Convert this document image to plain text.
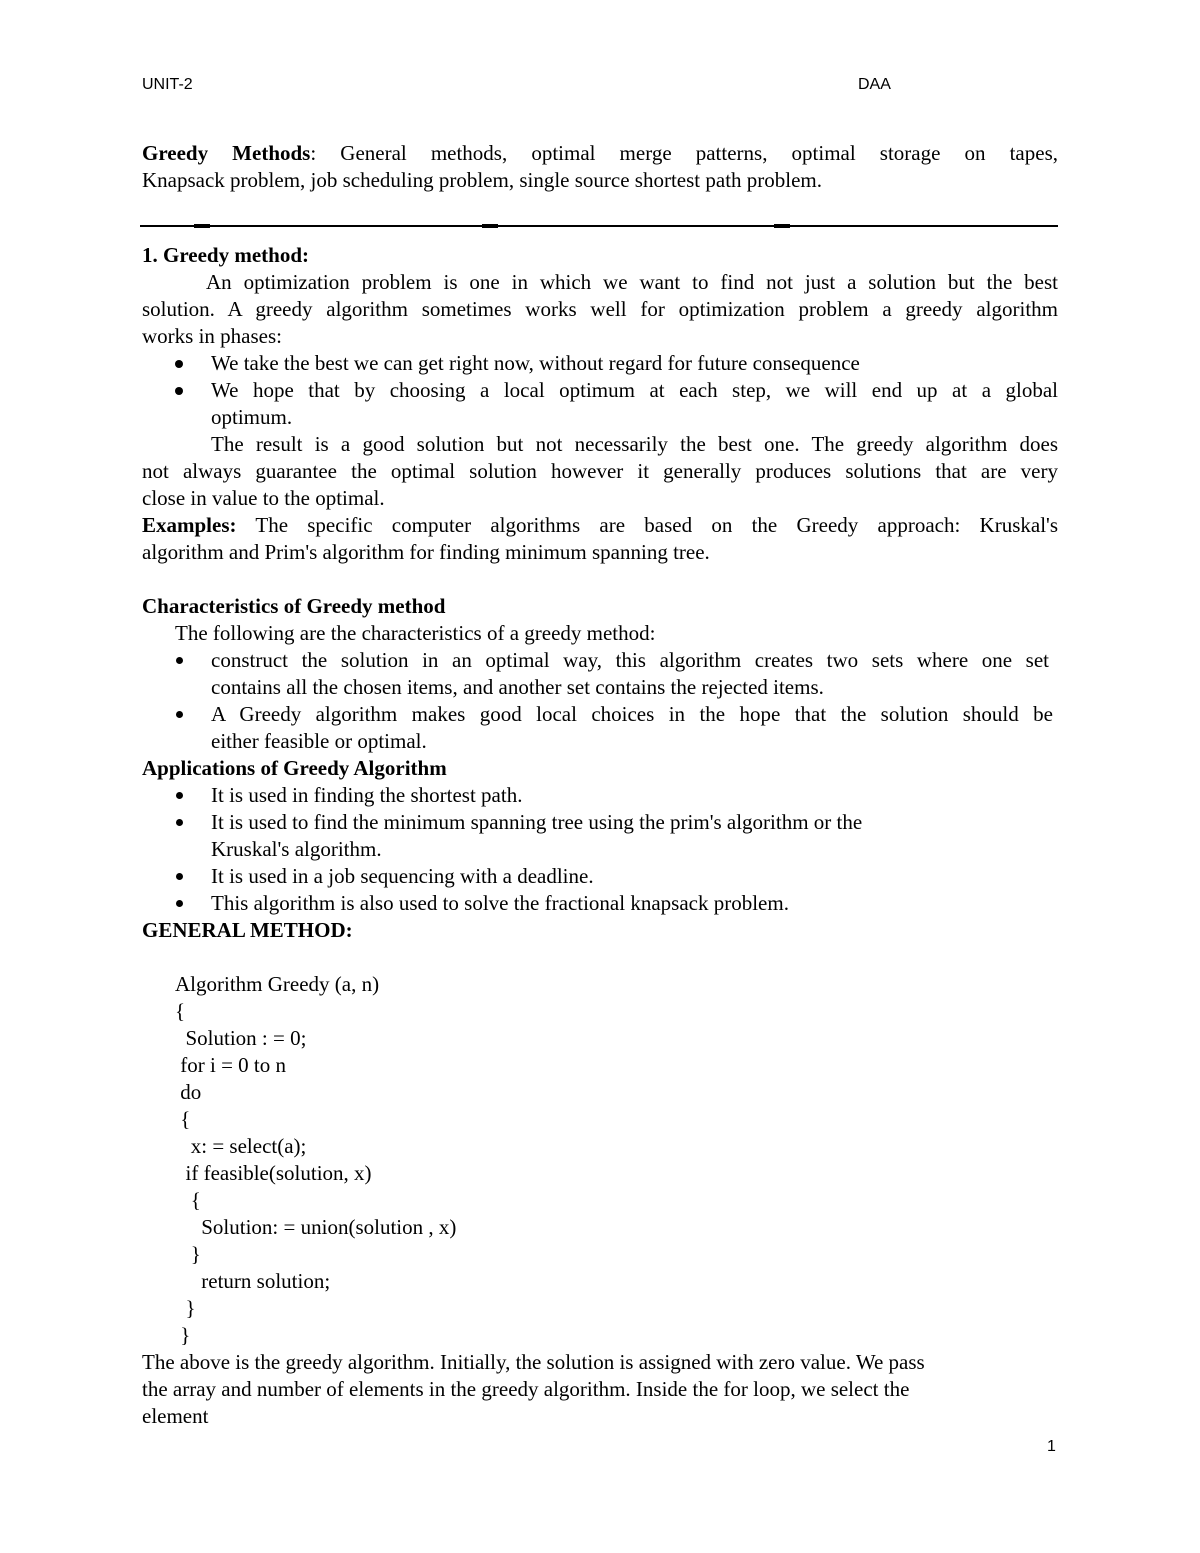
UNIT-2	DAA

Greedy Methods: General methods, optimal merge patterns, optimal storage on tapes,

Knapsack problem, job scheduling problem, single source shortest path problem.

1. Greedy method:

An optimization problem is one in which we want to find not just a solution but the best

solution. A greedy algorithm sometimes works well for optimization problem a greedy algorithm

works in phases:

We take the best we can get right now, without regard for future consequence
We hope that by choosing a local optimum at each step, we will end up at a global
optimum.

The result is a good solution but not necessarily the best one. The greedy algorithm does

not always guarantee the optimal solution however it generally produces solutions that are very

close in value to the optimal.

Examples: The specific computer algorithms are based on the Greedy approach: Kruskal's

algorithm and Prim's algorithm for finding minimum spanning tree.

Characteristics of Greedy method

The following are the characteristics of a greedy method:

construct the solution in an optimal way, this algorithm creates two sets where one set
contains all the chosen items, and another set contains the rejected items.
A Greedy algorithm makes good local choices in the hope that the solution should be
either feasible or optimal.

Applications of Greedy Algorithm

It is used in finding the shortest path.
It is used to find the minimum spanning tree using the prim's algorithm or the
Kruskal's algorithm.
It is used in a job sequencing with a deadline.
This algorithm is also used to solve the fractional knapsack problem.

GENERAL METHOD:

Algorithm Greedy (a, n)
{
Solution : = 0;
for i = 0 to n
do
{
x: = select(a);
if feasible(solution, x)
{
Solution: = union(solution , x)
}
return solution;
}
}

The above is the greedy algorithm. Initially, the solution is assigned with zero value. We pass

the array and number of elements in the greedy algorithm. Inside the for loop, we select the

element

1
